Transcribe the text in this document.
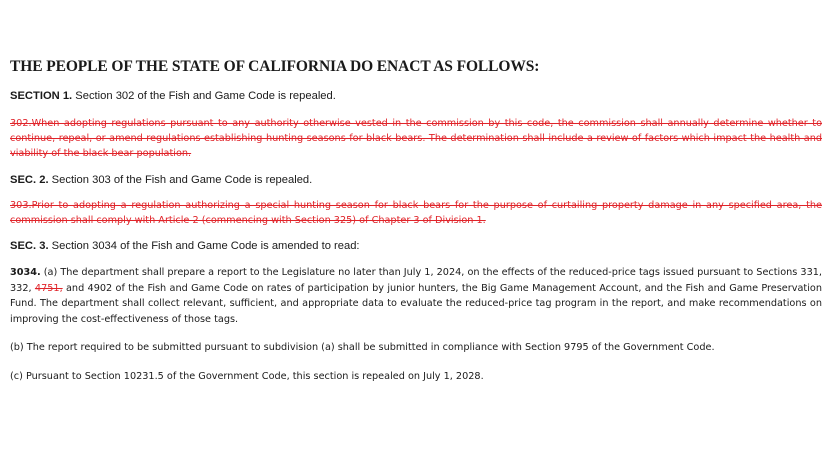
THE PEOPLE OF THE STATE OF CALIFORNIA DO ENACT AS FOLLOWS:

SECTION 1. Section 302 of the Fish and Game Code is repealed.

302.When adopting regulations pursuant to any authority otherwise vested in the commission by this code, the commission shall annually determine whether to continue, repeal, or amend regulations establishing hunting seasons for black bears. The determination shall include a review of factors which impact the health and viability of the black bear population.

SEC. 2. Section 303 of the Fish and Game Code is repealed.

303.Prior to adopting a regulation authorizing a special hunting season for black bears for the purpose of curtailing property damage in any specified area, the commission shall comply with Article 2 (commencing with Section 325) of Chapter 3 of Division 1.

SEC. 3. Section 3034 of the Fish and Game Code is amended to read:

3034. (a) The department shall prepare a report to the Legislature no later than July 1, 2024, on the effects of the reduced-price tags issued pursuant to Sections 331, 332, 4751, and 4902 of the Fish and Game Code on rates of participation by junior hunters, the Big Game Management Account, and the Fish and Game Preservation Fund. The department shall collect relevant, sufficient, and appropriate data to evaluate the reduced-price tag program in the report, and make recommendations on improving the cost-effectiveness of those tags.

(b) The report required to be submitted pursuant to subdivision (a) shall be submitted in compliance with Section 9795 of the Government Code.

(c) Pursuant to Section 10231.5 of the Government Code, this section is repealed on July 1, 2028.
